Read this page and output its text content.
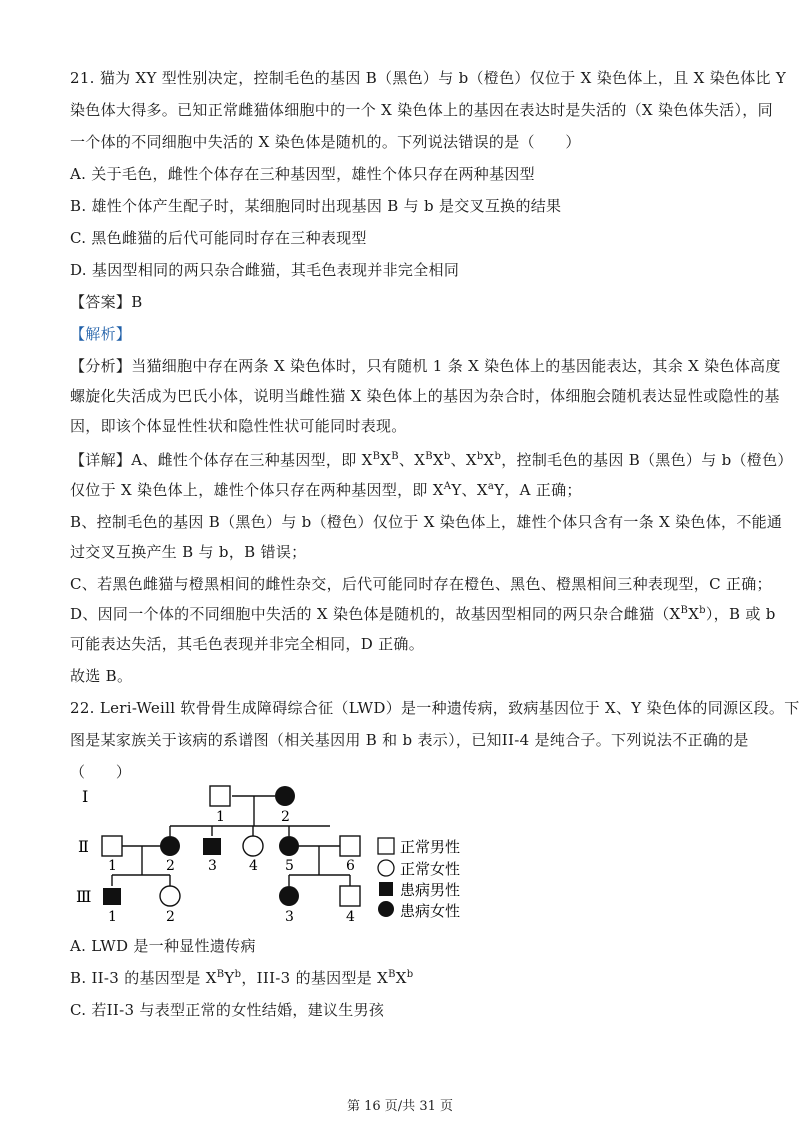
21. 猫为 XY 型性别决定，控制毛色的基因 B（黑色）与 b（橙色）仅位于 X 染色体上，且 X 染色体比 Y
染色体大得多。已知正常雌猫体细胞中的一个 X 染色体上的基因在表达时是失活的（X 染色体失活），同
一个体的不同细胞中失活的 X 染色体是随机的。下列说法错误的是（　　）
A. 关于毛色，雌性个体存在三种基因型，雄性个体只存在两种基因型
B. 雄性个体产生配子时，某细胞同时出现基因 B 与 b 是交叉互换的结果
C. 黑色雌猫的后代可能同时存在三种表现型
D. 基因型相同的两只杂合雌猫，其毛色表现并非完全相同
【答案】B
【解析】
【分析】当猫细胞中存在两条 X 染色体时，只有随机 1 条 X 染色体上的基因能表达，其余 X 染色体高度
螺旋化失活成为巴氏小体，说明当雌性猫 X 染色体上的基因为杂合时，体细胞会随机表达显性或隐性的基
因，即该个体显性性状和隐性性状可能同时表现。
【详解】A、雌性个体存在三种基因型，即 $X^BX^B$、$X^BX^b$、$X^bX^b$，控制毛色的基因 B（黑色）与 b（橙色）
仅位于 X 染色体上，雄性个体只存在两种基因型，即 $X^AY$、$X^aY$，A 正确；
B、控制毛色的基因 B（黑色）与 b（橙色）仅位于 X 染色体上，雄性个体只含有一条 X 染色体，不能通
过交叉互换产生 B 与 b，B 错误；
C、若黑色雌猫与橙黑相间的雌性杂交，后代可能同时存在橙色、黑色、橙黑相间三种表现型，C 正确；
D、因同一个体的不同细胞中失活的 X 染色体是随机的，故基因型相同的两只杂合雌猫$(X^BX^b)$，B 或 b
可能表达失活，其毛色表现并非完全相同，D 正确。
故选 B。
22. Leri-Weill 软骨骨生成障碍综合征（LWD）是一种遗传病，致病基因位于 X、Y 染色体的同源区段。下
图是某家族关于该病的系谱图（相关基因用 B 和 b 表示），已知II-4 是纯合子。下列说法不正确的是
（　　）
I
Ⅱ
Ⅲ
1	2
1	2 3 4 5	6
1	2	3	4
正常男性
正常女性
患病男性
患病女性
A. LWD 是一种显性遗传病
B. II-3 的基因型是 $X^BY^b$，III-3 的基因型是 $X^BX^b$
C. 若II-3 与表型正常的女性结婚，建议生男孩
第 16 页/共 31 页
